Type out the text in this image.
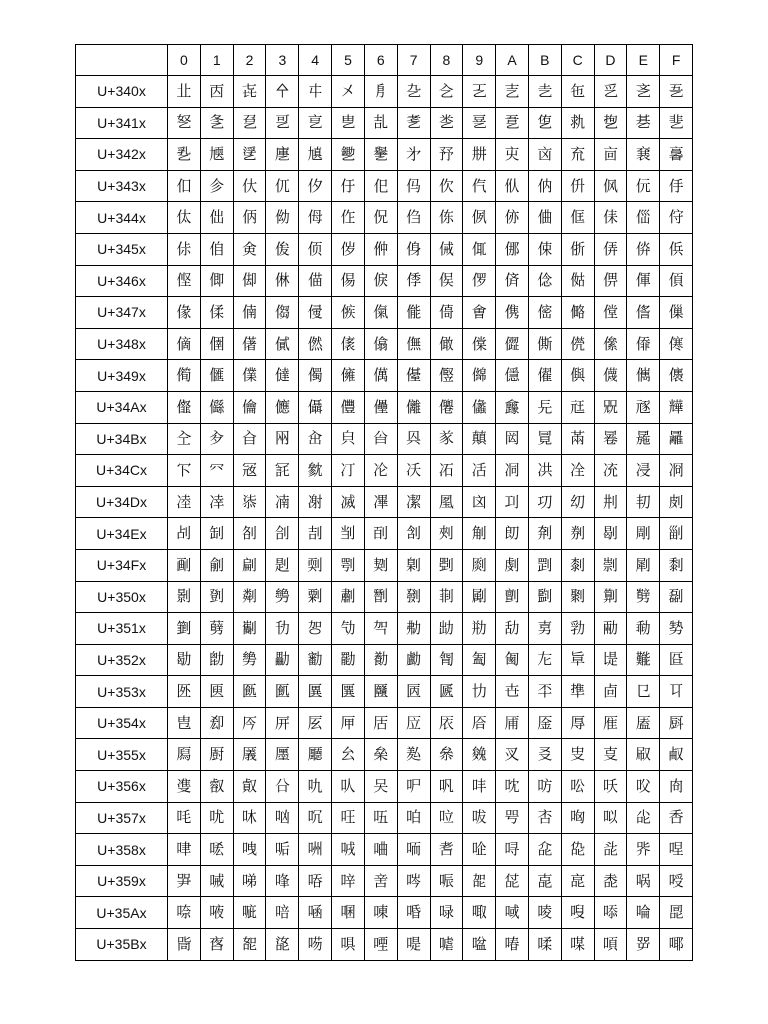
	0	1	2	3	4	5	6	7	8	9	A	B	C	D	E	F
U+340x	㐀	㐁	㐂	㐃	㐄	㐅	㐆	㐇	㐈	㐉	㐊	㐋	㐌	㐍	㐎	㐏
U+341x	㐐	㐑	㐒	㐓	㐔	㐕	㐖	㐗	㐘	㐙	㐚	㐛	㐜	㐝	㐞	㐟
U+342x	㐠	㐡	㐢	㐣	㐤	㐥	㐦	㐧	㐨	㐩	㐪	㐫	㐬	㐭	㐮	㐯
U+343x	㐰	㐱	㐲	㐳	㐴	㐵	㐶	㐷	㐸	㐹	㐺	㐻	㐼	㐽	㐾	㐿
U+344x	㑀	㑁	㑂	㑃	㑄	㑅	㑆	㑇	㑈	㑉	㑊	㑋	㑌	㑍	㑎	㑏
U+345x	㑐	㑑	㑒	㑓	㑔	㑕	㑖	㑗	㑘	㑙	㑚	㑛	㑜	㑝	㑞	㑟
U+346x	㑠	㑡	㑢	㑣	㑤	㑥	㑦	㑧	㑨	㑩	㑪	㑫	㑬	㑭	㑮	㑯
U+347x	㑰	㑱	㑲	㑳	㑴	㑵	㑶	㑷	㑸	㑹	㑺	㑻	㑼	㑽	㑾	㑿
U+348x	㒀	㒁	㒂	㒃	㒄	㒅	㒆	㒇	㒈	㒉	㒊	㒋	㒌	㒍	㒎	㒏
U+349x	㒐	㒑	㒒	㒓	㒔	㒕	㒖	㒗	㒘	㒙	㒚	㒛	㒜	㒝	㒞	㒟
U+34Ax	㒠	㒡	㒢	㒣	㒤	㒥	㒦	㒧	㒨	㒩	㒪	㒫	㒬	㒭	㒮	㒯
U+34Bx	㒰	㒱	㒲	㒳	㒴	㒵	㒶	㒷	㒸	㒹	㒺	㒻	㒼	㒽	㒾	㒿
U+34Cx	㓀	㓁	㓂	㓃	㓄	㓅	㓆	㓇	㓈	㓉	㓊	㓋	㓌	㓍	㓎	㓏
U+34Dx	㓐	㓑	㓒	㓓	㓔	㓕	㓖	㓗	㓘	㓙	㓚	㓛	㓜	㓝	㓞	㓟
U+34Ex	㓠	㓡	㓢	㓣	㓤	㓥	㓦	㓧	㓨	㓩	㓪	㓫	㓬	㓭	㓮	㓯
U+34Fx	㓰	㓱	㓲	㓳	㓴	㓵	㓶	㓷	㓸	㓹	㓺	㓻	㓼	㓽	㓾	㓿
U+350x	㔀	㔁	㔂	㔃	㔄	㔅	㔆	㔇	㔈	㔉	㔊	㔋	㔌	㔍	㔎	㔏
U+351x	㔐	㔑	㔒	㔓	㔔	㔕	㔖	㔗	㔘	㔙	㔚	㔛	㔜	㔝	㔞	㔟
U+352x	㔠	㔡	㔢	㔣	㔤	㔥	㔦	㔧	㔨	㔩	㔪	㔫	㔬	㔭	㔮	㔯
U+353x	㔰	㔱	㔲	㔳	㔴	㔵	㔶	㔷	㔸	㔹	㔺	㔻	㔼	㔽	㔾	㔿
U+354x	㕀	㕁	㕂	㕃	㕄	㕅	㕆	㕇	㕈	㕉	㕊	㕋	㕌	㕍	㕎	㕏
U+355x	㕐	㕑	㕒	㕓	㕔	㕕	㕖	㕗	㕘	㕙	㕚	㕛	㕜	㕝	㕞	㕟
U+356x	㕠	㕡	㕢	㕣	㕤	㕥	㕦	㕧	㕨	㕩	㕪	㕫	㕬	㕭	㕮	㕯
U+357x	㕰	㕱	㕲	㕳	㕴	㕵	㕶	㕷	㕸	㕹	㕺	㕻	㕼	㕽	㕾	㕿
U+358x	㖀	㖁	㖂	㖃	㖄	㖅	㖆	㖇	㖈	㖉	㖊	㖋	㖌	㖍	㖎	㖏
U+359x	㖐	㖑	㖒	㖓	㖔	㖕	㖖	㖗	㖘	㖙	㖚	㖛	㖜	㖝	㖞	㖟
U+35Ax	㖠	㖡	㖢	㖣	㖤	㖥	㖦	㖧	㖨	㖩	㖪	㖫	㖬	㖭	㖮	㖯
U+35Bx	㖰	㖱	㖲	㖳	㖴	㖵	㖶	㖷	㖸	㖹	㖺	㖻	㖼	㖽	㖾	㖿
